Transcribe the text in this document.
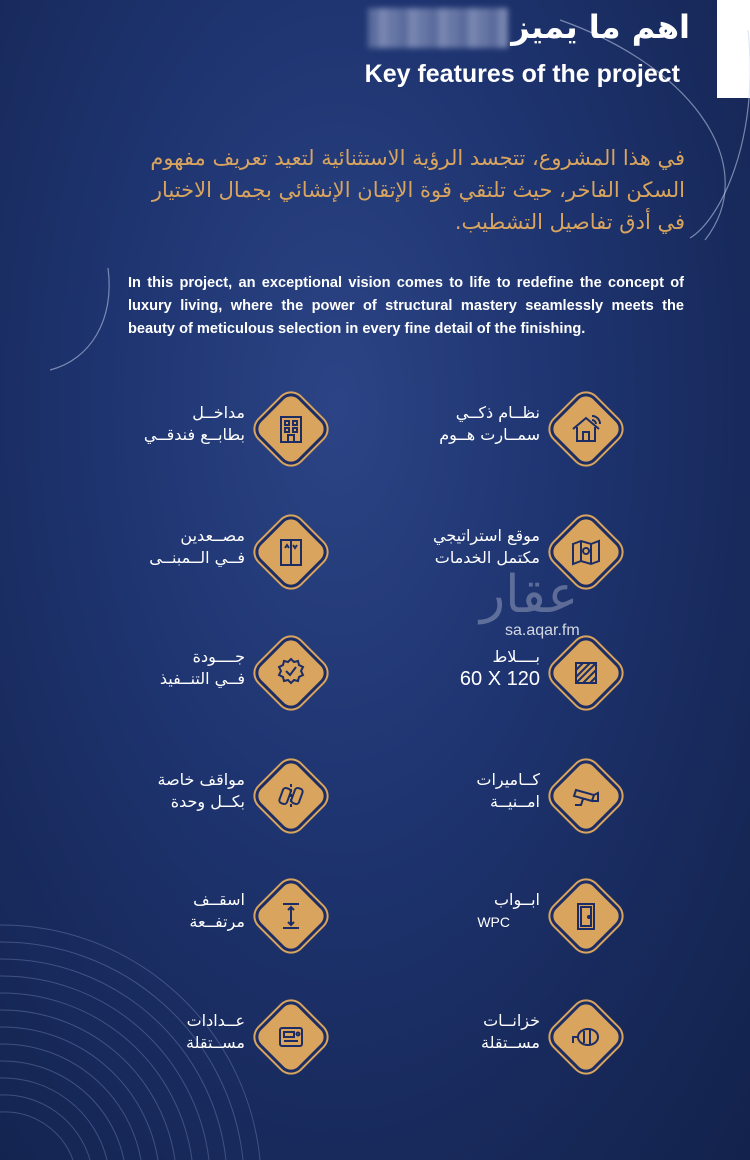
اهم ما يميز
Key features of the project
في هذا المشروع، تتجسد الرؤية الاستثنائية لتعيد تعريف مفهوم السكن الفاخر، حيث تلتقي قوة الإتقان الإنشائي بجمال الاختيار في أدق تفاصيل التشطيب.
In this project, an exceptional vision comes to life to redefine the concept of luxury living, where the power of structural mastery seamlessly meets the beauty of meticulous selection in every fine detail of the finishing.
نظــام ذكــي
سمــارت هــوم
مداخــل
بطابــع فندقــي
موقع استراتيجي
مكتمل الخدمات
مصــعدين
فــي الــمبنــى
بــــلاط
60 X 120
جــــودة
فــي التنــفيذ
كــاميرات
امــنيــة
مواقف خاصة
بكــل وحدة
ابــواب
WPC
اسقــف
مرتفــعة
خزانــات
مســتقلة
عــدادات
مســتقلة
عقار
sa.aqar.fm
